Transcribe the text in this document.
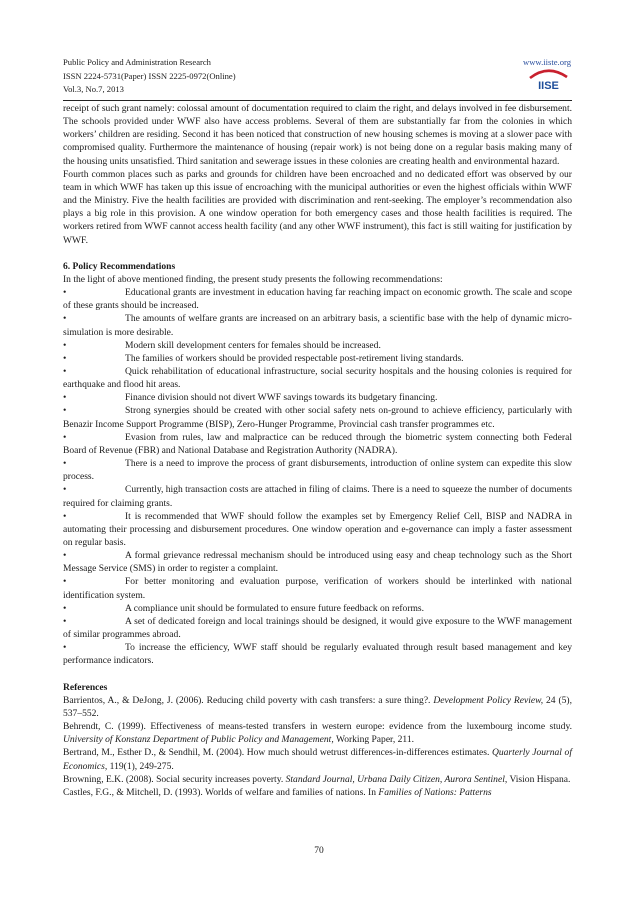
Public Policy and Administration Research	www.iiste.org
ISSN 2224-5731(Paper) ISSN 2225-0972(Online)
Vol.3, No.7, 2013	IISE

receipt of such grant namely: colossal amount of documentation required to claim the right, and delays involved in fee disbursement. The schools provided under WWF also have access problems. Several of them are substantially far from the colonies in which workers’ children are residing. Second it has been noticed that construction of new housing schemes is moving at a slower pace with compromised quality. Furthermore the maintenance of housing (repair work) is not being done on a regular basis making many of the housing units unsatisfied. Third sanitation and sewerage issues in these colonies are creating health and environmental hazard.

Fourth common places such as parks and grounds for children have been encroached and no dedicated effort was observed by our team in which WWF has taken up this issue of encroaching with the municipal authorities or even the highest officials within WWF and the Ministry. Five the health facilities are provided with discrimination and rent-seeking. The employer’s recommendation also plays a big role in this provision. A one window operation for both emergency cases and those health facilities is required. The workers retired from WWF cannot access health facility (and any other WWF instrument), this fact is still waiting for justification by WWF.

6. Policy Recommendations

In the light of above mentioned finding, the present study presents the following recommendations:

•	Educational grants are investment in education having far reaching impact on economic growth. The scale and scope of these grants should be increased.

•	The amounts of welfare grants are increased on an arbitrary basis, a scientific base with the help of dynamic micro-simulation is more desirable.

•	Modern skill development centers for females should be increased.

•	The families of workers should be provided respectable post-retirement living standards.

•	Quick rehabilitation of educational infrastructure, social security hospitals and the housing colonies is required for earthquake and flood hit areas.

•	Finance division should not divert WWF savings towards its budgetary financing.

•	Strong synergies should be created with other social safety nets on-ground to achieve efficiency, particularly with Benazir Income Support Programme (BISP), Zero-Hunger Programme, Provincial cash transfer programmes etc.

•	Evasion from rules, law and malpractice can be reduced through the biometric system connecting both Federal Board of Revenue (FBR) and National Database and Registration Authority (NADRA).

•	There is a need to improve the process of grant disbursements, introduction of online system can expedite this slow process.

•	Currently, high transaction costs are attached in filing of claims. There is a need to squeeze the number of documents required for claiming grants.

•	It is recommended that WWF should follow the examples set by Emergency Relief Cell, BISP and NADRA in automating their processing and disbursement procedures. One window operation and e-governance can imply a faster assessment on regular basis.

•	A formal grievance redressal mechanism should be introduced using easy and cheap technology such as the Short Message Service (SMS) in order to register a complaint.

•	For better monitoring and evaluation purpose, verification of workers should be interlinked with national identification system.

•	A compliance unit should be formulated to ensure future feedback on reforms.

•	A set of dedicated foreign and local trainings should be designed, it would give exposure to the WWF management of similar programmes abroad.

•	To increase the efficiency, WWF staff should be regularly evaluated through result based management and key performance indicators.

References

Barrientos, A., & DeJong, J. (2006). Reducing child poverty with cash transfers: a sure thing?. Development Policy Review, 24 (5), 537–552.

Behrendt, C. (1999). Effectiveness of means-tested transfers in western europe: evidence from the luxembourg income study. University of Konstanz Department of Public Policy and Management, Working Paper, 211.

Bertrand, M., Esther D., & Sendhil, M. (2004). How much should wetrust differences-in-differences estimates. Quarterly Journal of Economics, 119(1), 249-275.

Browning, E.K. (2008). Social security increases poverty. Standard Journal, Urbana Daily Citizen, Aurora Sentinel, Vision Hispana.

Castles, F.G., & Mitchell, D. (1993). Worlds of welfare and families of nations. In Families of Nations: Patterns

70
